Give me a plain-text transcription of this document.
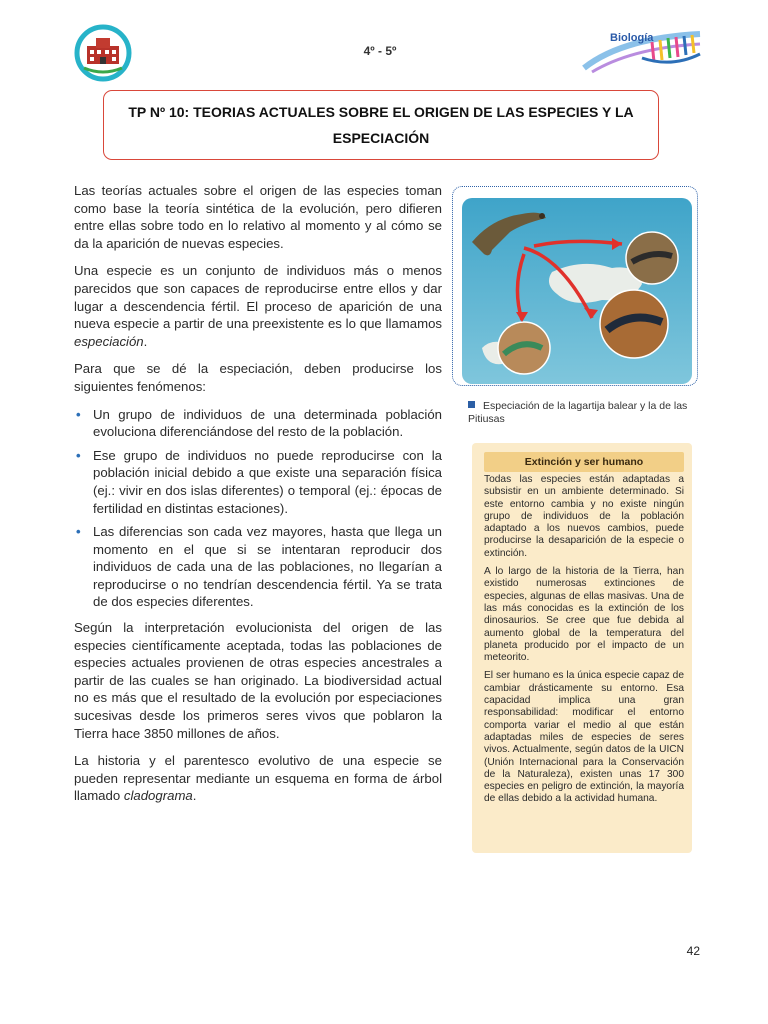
4º - 5º
Biología
TP Nº 10: TEORIAS ACTUALES SOBRE EL ORIGEN DE LAS ESPECIES Y LA ESPECIACIÓN

Las teorías actuales sobre el origen de las especies toman como base la teoría sintética de la evolución, pero difieren entre ellas sobre todo en lo relativo al momento y al cómo se da la aparición de nuevas especies.

Una especie es un conjunto de individuos más o menos parecidos que son capaces de reproducirse entre ellos y dar lugar a descendencia fértil. El proceso de aparición de una nueva especie a partir de una preexistente es lo que llamamos especiación.

Para que se dé la especiación, deben producirse los siguientes fenómenos:

• Un grupo de individuos de una determinada población evoluciona diferenciándose del resto de la población.
• Ese grupo de individuos no puede reproducirse con la población inicial debido a que existe una separación física (ej.: vivir en dos islas diferentes) o temporal (ej.: épocas de fertilidad en distintas estaciones).
• Las diferencias son cada vez mayores, hasta que llega un momento en el que si se intentaran reproducir dos individuos de cada una de las poblaciones, no llegarían a reproducirse o no tendrían descendencia fértil. Ya se trata de dos especies diferentes.

Según la interpretación evolucionista del origen de las especies científicamente aceptada, todas las poblaciones de especies actuales provienen de otras especies ancestrales a partir de las cuales se han originado. La biodiversidad actual no es más que el resultado de la evolución por especiaciones sucesivas desde los primeros seres vivos que poblaron la Tierra hace 3850 millones de años.

La historia y el parentesco evolutivo de una especie se pueden representar mediante un esquema en forma de árbol llamado cladograma.

Especiación de la lagartija balear y la de las Pitiusas
Extinción y ser humano

Todas las especies están adaptadas a subsistir en un ambiente determinado. Si este entorno cambia y no existe ningún grupo de individuos de la población adaptado a los nuevos cambios, puede producirse la desaparición de la especie o extinción.

A lo largo de la historia de la Tierra, han existido numerosas extinciones de especies, algunas de ellas masivas. Una de las más conocidas es la extinción de los dinosaurios. Se cree que fue debida al aumento global de la temperatura del planeta producido por el impacto de un meteorito.

El ser humano es la única especie capaz de cambiar drásticamente su entorno. Esa capacidad implica una gran responsabilidad: modificar el entorno comporta variar el medio al que están adaptadas miles de especies de seres vivos. Actualmente, según datos de la UICN (Unión Internacional para la Conservación de la Naturaleza), existen unas 17 300 especies en peligro de extinción, la mayoría de ellas debido a la actividad humana.

42
